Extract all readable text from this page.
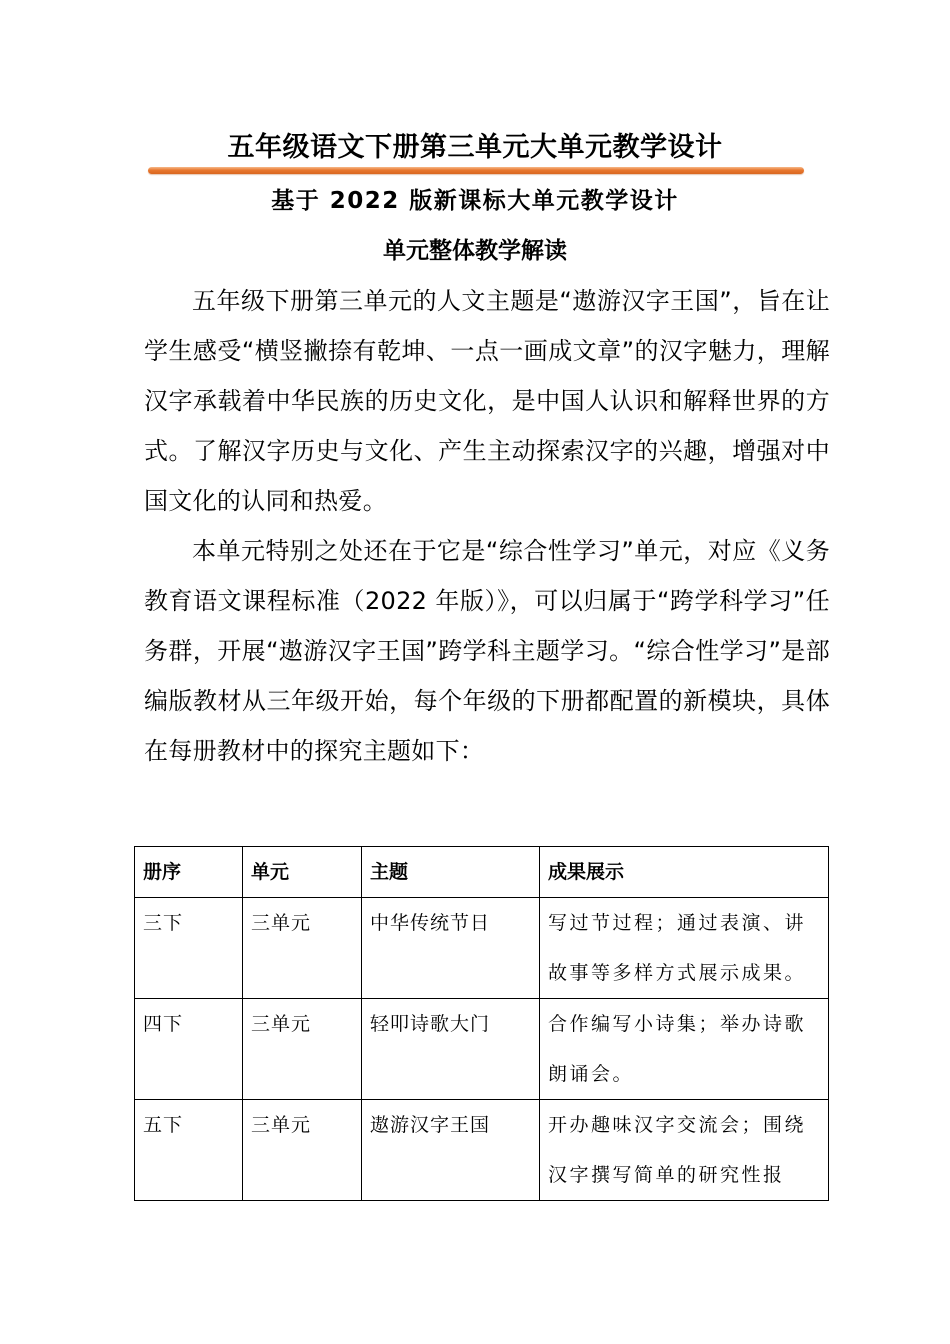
五年级语文下册第三单元大单元教学设计
基于 2022 版新课标大单元教学设计
单元整体教学解读

五年级下册第三单元的人文主题是“遨游汉字王国”，旨在让学生感受“横竖撇捺有乾坤、一点一画成文章”的汉字魅力，理解汉字承载着中华民族的历史文化，是中国人认识和解释世界的方式。了解汉字历史与文化、产生主动探索汉字的兴趣，增强对中国文化的认同和热爱。

本单元特别之处还在于它是“综合性学习”单元，对应《义务教育语文课程标准（2022 年版）》，可以归属于“跨学科学习”任务群，开展“遨游汉字王国”跨学科主题学习。“综合性学习”是部编版教材从三年级开始，每个年级的下册都配置的新模块，具体在每册教材中的探究主题如下：

册序	单元	主题	成果展示
三下	三单元	中华传统节日	写过节过程；通过表演、讲故事等多样方式展示成果。
四下	三单元	轻叩诗歌大门	合作编写小诗集；举办诗歌朗诵会。
五下	三单元	遨游汉字王国	开办趣味汉字交流会；围绕汉字撰写简单的研究性报
